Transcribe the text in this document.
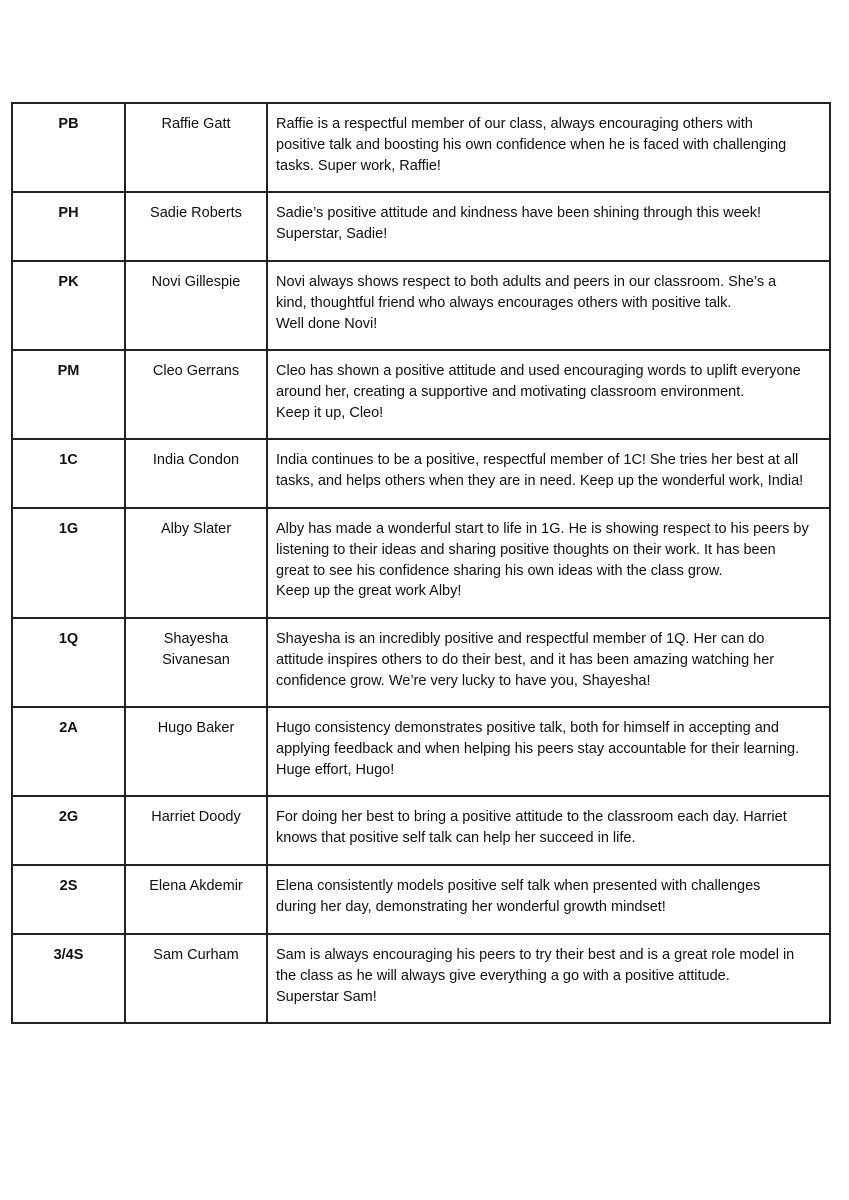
PB	Raffie Gatt	Raffie is a respectful member of our class, always encouraging others with
positive talk and boosting his own confidence when he is faced with challenging
tasks. Super work, Raffie!

PH	Sadie Roberts	Sadie’s positive attitude and kindness have been shining through this week!
Superstar, Sadie!

PK	Novi Gillespie	Novi always shows respect to both adults and peers in our classroom. She’s a
kind, thoughtful friend who always encourages others with positive talk.
Well done Novi!

PM	Cleo Gerrans	Cleo has shown a positive attitude and used encouraging words to uplift everyone
around her, creating a supportive and motivating classroom environment.
Keep it up, Cleo!

1C	India Condon	India continues to be a positive, respectful member of 1C! She tries her best at all
tasks, and helps others when they are in need. Keep up the wonderful work, India!

1G	Alby Slater	Alby has made a wonderful start to life in 1G. He is showing respect to his peers by
listening to their ideas and sharing positive thoughts on their work. It has been
great to see his confidence sharing his own ideas with the class grow.
Keep up the great work Alby!

1Q	Shayesha
Sivanesan	Shayesha is an incredibly positive and respectful member of 1Q. Her can do
attitude inspires others to do their best, and it has been amazing watching her
confidence grow. We’re very lucky to have you, Shayesha!

2A	Hugo Baker	Hugo consistency demonstrates positive talk, both for himself in accepting and
applying feedback and when helping his peers stay accountable for their learning.
Huge effort, Hugo!

2G	Harriet Doody	For doing her best to bring a positive attitude to the classroom each day. Harriet
knows that positive self talk can help her succeed in life.

2S	Elena Akdemir	Elena consistently models positive self talk when presented with challenges
during her day, demonstrating her wonderful growth mindset!

3/4S	Sam Curham	Sam is always encouraging his peers to try their best and is a great role model in
the class as he will always give everything a go with a positive attitude.
Superstar Sam!
